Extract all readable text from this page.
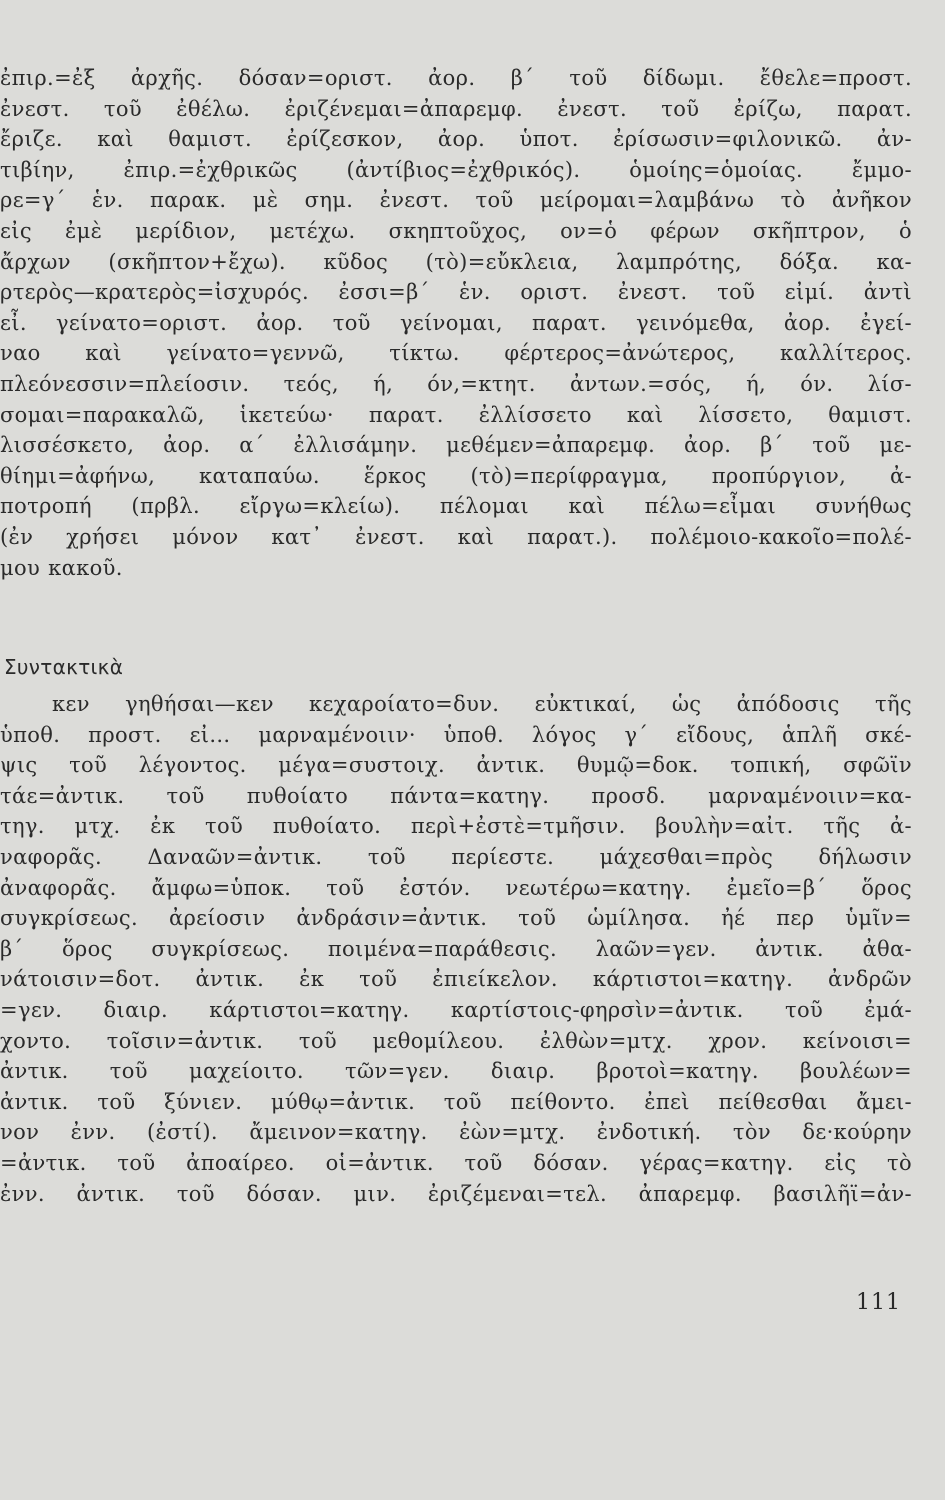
ἐπιρ.=ἐξ ἀρχῆς. δόσαν=οριστ. ἀορ. β΄ τοῦ δίδωμι. ἔθελε=προστ.
ἐνεστ. τοῦ ἐθέλω. ἐριζένεμαι=ἀπαρεμφ. ἐνεστ. τοῦ ἐρίζω, παρατ.
ἔριζε. καὶ θαμιστ. ἐρίζεσκον, ἀορ. ὑποτ. ἐρίσωσιν=φιλονικῶ. ἀν-
τιβίην, ἐπιρ.=ἐχθρικῶς (ἀντίβιος=ἐχθρικός). ὁμοίης=ὁμοίας. ἔμμο-
ρε=γ΄ ἑν. παρακ. μὲ σημ. ἐνεστ. τοῦ μείρομαι=λαμβάνω τὸ ἀνῆκον
εἰς ἐμὲ μερίδιον, μετέχω. σκηπτοῦχος, ον=ὁ φέρων σκῆπτρον, ὁ
ἄρχων (σκῆπτον+ἔχω). κῦδος (τὸ)=εὔκλεια, λαμπρότης, δόξα. κα-
ρτερὸς—κρατερὸς=ἰσχυρός. ἐσσι=β΄ ἑν. οριστ. ἐνεστ. τοῦ εἰμί. ἀντὶ
εἶ. γείνατο=οριστ. ἀορ. τοῦ γείνομαι, παρατ. γεινόμεθα, ἀορ. ἐγεί-
ναο καὶ γείνατο=γεννῶ, τίκτω. φέρτερος=ἀνώτερος, καλλίτερος.
πλεόνεσσιν=πλείοσιν. τεός, ή, όν,=κτητ. ἀντων.=σός, ή, όν. λίσ-
σομαι=παρακαλῶ, ἱκετεύω· παρατ. ἐλλίσσετο καὶ λίσσετο, θαμιστ.
λισσέσκετο, ἀορ. α΄ ἐλλισάμην. μεθέμεν=ἀπαρεμφ. ἀορ. β΄ τοῦ με-
θίημι=ἀφήνω, καταπαύω. ἕρκος (τὸ)=περίφραγμα, προπύργιον, ἀ-
ποτροπή (πρβλ. εἴργω=κλείω). πέλομαι καὶ πέλω=εἶμαι συνήθως
(ἐν χρήσει μόνον κατ᾽ ἐνεστ. καὶ παρατ.). πολέμοιο-κακοῖο=πολέ-
μου κακοῦ.
Συντακτικὰ
κεν γηθήσαι—κεν κεχαροίατο=δυν. εὐκτικαί, ὡς ἀπόδοσις τῆς
ὑποθ. προστ. εἰ... μαρναμένοιιν· ὑποθ. λόγος γ΄ εἴδους, ἁπλῆ σκέ-
ψις τοῦ λέγοντος. μέγα=συστοιχ. ἀντικ. θυμῷ=δοκ. τοπική, σφῶϊν
τάε=ἀντικ. τοῦ πυθοίατο πάντα=κατηγ. προσδ. μαρναμένοιιν=κα-
τηγ. μτχ. ἐκ τοῦ πυθοίατο. περὶ+ἐστὲ=τμῆσιν. βουλὴν=αἰτ. τῆς ἀ-
ναφορᾶς. Δαναῶν=ἀντικ. τοῦ περίεστε. μάχεσθαι=πρὸς δήλωσιν
ἀναφορᾶς. ἄμφω=ὑποκ. τοῦ ἐστόν. νεωτέρω=κατηγ. ἐμεῖο=β΄ ὅρος
συγκρίσεως. ἀρείοσιν ἀνδράσιν=ἀντικ. τοῦ ὡμίλησα. ἠέ περ ὑμῖν=
β΄ ὅρος συγκρίσεως. ποιμένα=παράθεσις. λαῶν=γεν. ἀντικ. ἀθα-
νάτοισιν=δοτ. ἀντικ. ἐκ τοῦ ἐπιείκελον. κάρτιστοι=κατηγ. ἀνδρῶν
=γεν. διαιρ. κάρτιστοι=κατηγ. καρτίστοις-φηρσὶν=ἀντικ. τοῦ ἐμά-
χοντο. τοῖσιν=ἀντικ. τοῦ μεθομίλεου. ἐλθὼν=μτχ. χρον. κείνοισι=
ἀντικ. τοῦ μαχείοιτο. τῶν=γεν. διαιρ. βροτοὶ=κατηγ. βουλέων=
ἀντικ. τοῦ ξύνιεν. μύθῳ=ἀντικ. τοῦ πείθοντο. ἐπεὶ πείθεσθαι ἄμει-
νον ἐνν. (ἐστί). ἄμεινον=κατηγ. ἐὼν=μτχ. ἐνδοτική. τὸν δε·κούρην
=ἀντικ. τοῦ ἀποαίρεο. οἱ=ἀντικ. τοῦ δόσαν. γέρας=κατηγ. εἰς τὸ
ἐνν. ἀντικ. τοῦ δόσαν. μιν. ἐριζέμεναι=τελ. ἀπαρεμφ. βασιλῆϊ=ἀν-
111
